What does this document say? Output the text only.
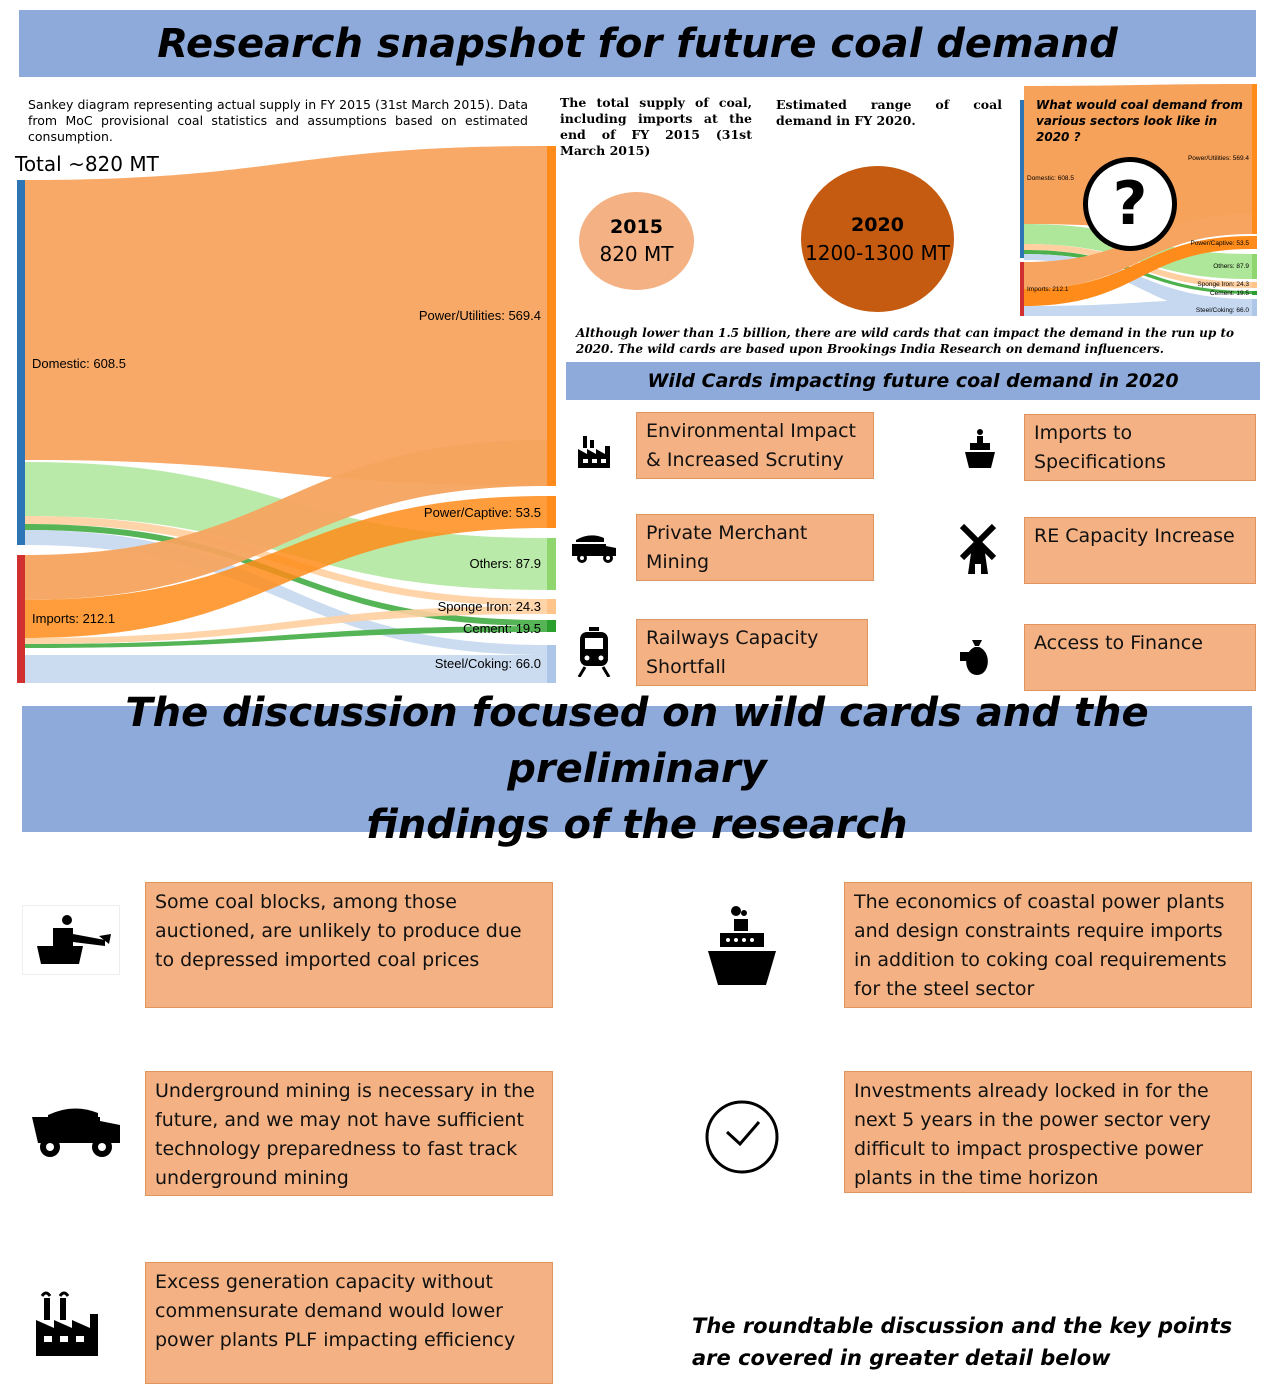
Research snapshot for future coal demand
Sankey diagram representing actual supply in FY 2015 (31st March 2015). Data from MoC provisional coal statistics and assumptions based on estimated consumption.
Total ~820 MT
Domestic: 608.5
Imports: 212.1
Power/Utilities: 569.4
Power/Captive: 53.5
Others: 87.9
Sponge Iron: 24.3
Cement: 19.5
Steel/Coking: 66.0
The total supply of coal, including imports at the end of FY 2015 (31st March 2015)
Estimated range of coal demand in FY 2020.
2015
820 MT
2020
1200-1300 MT
Domestic: 608.5
Imports: 212.1
Power/Utilities: 569.4
Power/Captive: 53.5
Others: 87.9
Sponge Iron: 24.3
Cement: 19.5
Steel/Coking: 66.0
What would coal demand from various sectors look like in 2020 ?
?
Although lower than 1.5 billion, there are wild cards that can impact the demand in the run up to 2020. The wild cards are based upon Brookings India Research on demand influencers.
Wild Cards impacting future coal demand in 2020
Environmental Impact & Increased Scrutiny
Imports to Specifications
Private Merchant Mining
RE Capacity Increase
Railways Capacity Shortfall
Access to Finance
The discussion focused on wild cards and the preliminary
findings of the research
Some coal blocks, among those auctioned, are unlikely to produce due to depressed imported coal prices
The economics of coastal power plants and design constraints require imports in addition to coking coal requirements for the steel sector
Underground mining is necessary in the future, and we may not have sufficient technology preparedness to fast track underground mining
Investments already locked in for the next 5 years in the power sector very difficult to impact prospective power plants in the time horizon
Excess generation capacity without commensurate demand would lower power plants PLF impacting efficiency
The roundtable discussion and the key points are covered in greater detail below
